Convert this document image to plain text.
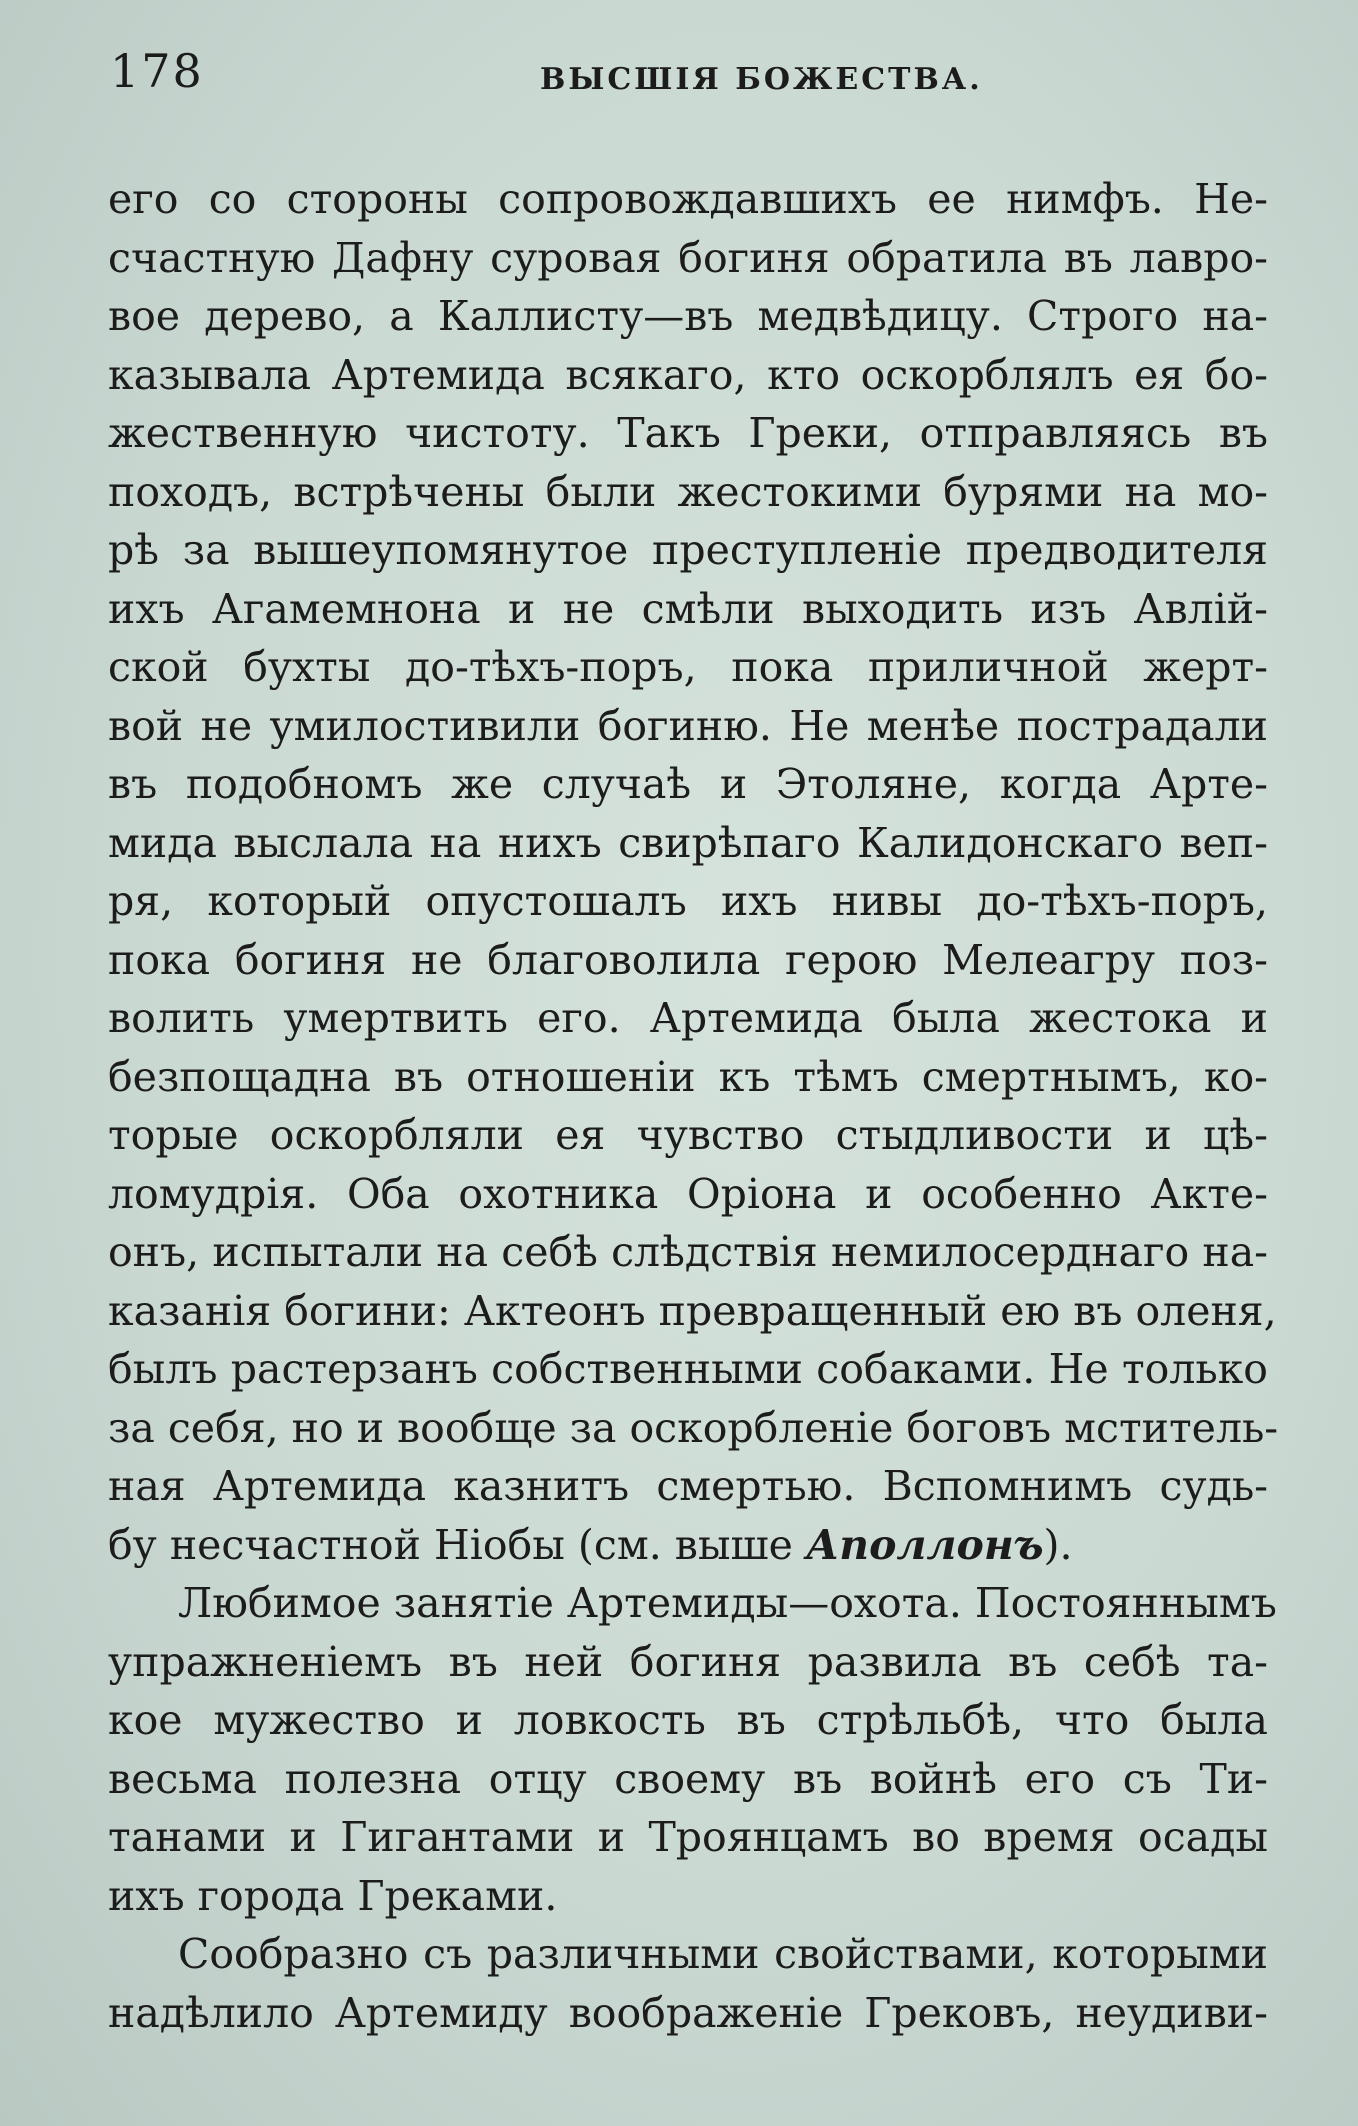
178	ВЫСШІЯ БОЖЕСТВА.
его со стороны сопровождавшихъ ее нимфъ. Не-
счастную Дафну суровая богиня обратила въ лавро-
вое дерево, а Каллисту—въ медвѣдицу. Строго на-
казывала Артемида всякаго, кто оскорблялъ ея бо-
жественную чистоту. Такъ Греки, отправляясь въ
походъ, встрѣчены были жестокими бурями на мо-
рѣ за вышеупомянутое преступленіе предводителя
ихъ Агамемнона и не смѣли выходить изъ Авлій-
ской бухты до-тѣхъ-поръ, пока приличной жерт-
вой не умилостивили богиню. Не менѣе пострадали
въ подобномъ же случаѣ и Этоляне, когда Арте-
мида выслала на нихъ свирѣпаго Калидонскаго веп-
ря, который опустошалъ ихъ нивы до-тѣхъ-поръ,
пока богиня не благоволила герою Мелеагру поз-
волить умертвить его. Артемида была жестока и
безпощадна въ отношеніи къ тѣмъ смертнымъ, ко-
торые оскорбляли ея чувство стыдливости и цѣ-
ломудрія. Оба охотника Оріона и особенно Акте-
онъ, испытали на себѣ слѣдствія немилосерднаго на-
казанія богини: Актеонъ превращенный ею въ оленя,
былъ растерзанъ собственными собаками. Не только
за себя, но и вообще за оскорбленіе боговъ мститель-
ная Артемида казнитъ смертью. Вспомнимъ судь-
бу несчастной Ніобы (см. выше Аполлонъ).
Любимое занятіе Артемиды—охота. Постояннымъ
упражненіемъ въ ней богиня развила въ себѣ та-
кое мужество и ловкость въ стрѣльбѣ, что была
весьма полезна отцу своему въ войнѣ его съ Ти-
танами и Гигантами и Троянцамъ во время осады
ихъ города Греками.
Сообразно съ различными свойствами, которыми
надѣлило Артемиду воображеніе Грековъ, неудиви-
